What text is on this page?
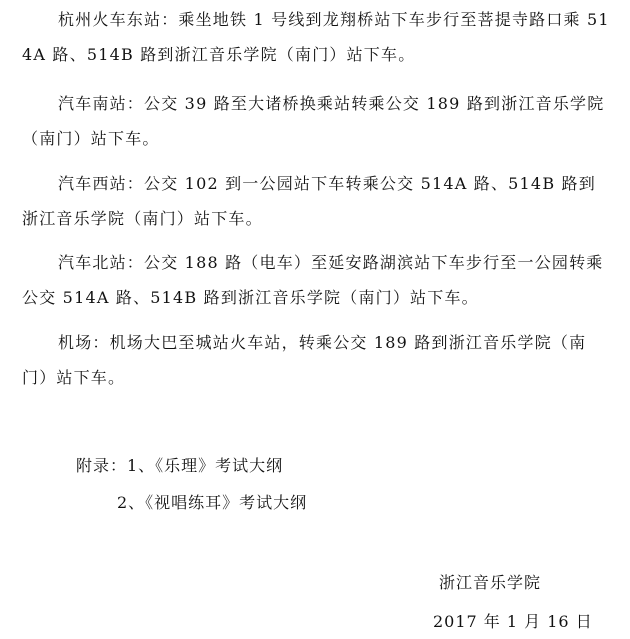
杭州火车东站：乘坐地铁 1 号线到龙翔桥站下车步行至菩提寺路口乘 514A 路、514B 路到浙江音乐学院（南门）站下车。

汽车南站：公交 39 路至大诸桥换乘站转乘公交 189 路到浙江音乐学院（南门）站下车。

汽车西站：公交 102 到一公园站下车转乘公交 514A 路、514B 路到浙江音乐学院（南门）站下车。

汽车北站：公交 188 路（电车）至延安路湖滨站下车步行至一公园转乘公交 514A 路、514B 路到浙江音乐学院（南门）站下车。

机场：机场大巴至城站火车站，转乘公交 189 路到浙江音乐学院（南门）站下车。

附录：1、《乐理》考试大纲

2、《视唱练耳》考试大纲

浙江音乐学院

2017 年 1 月 16 日
